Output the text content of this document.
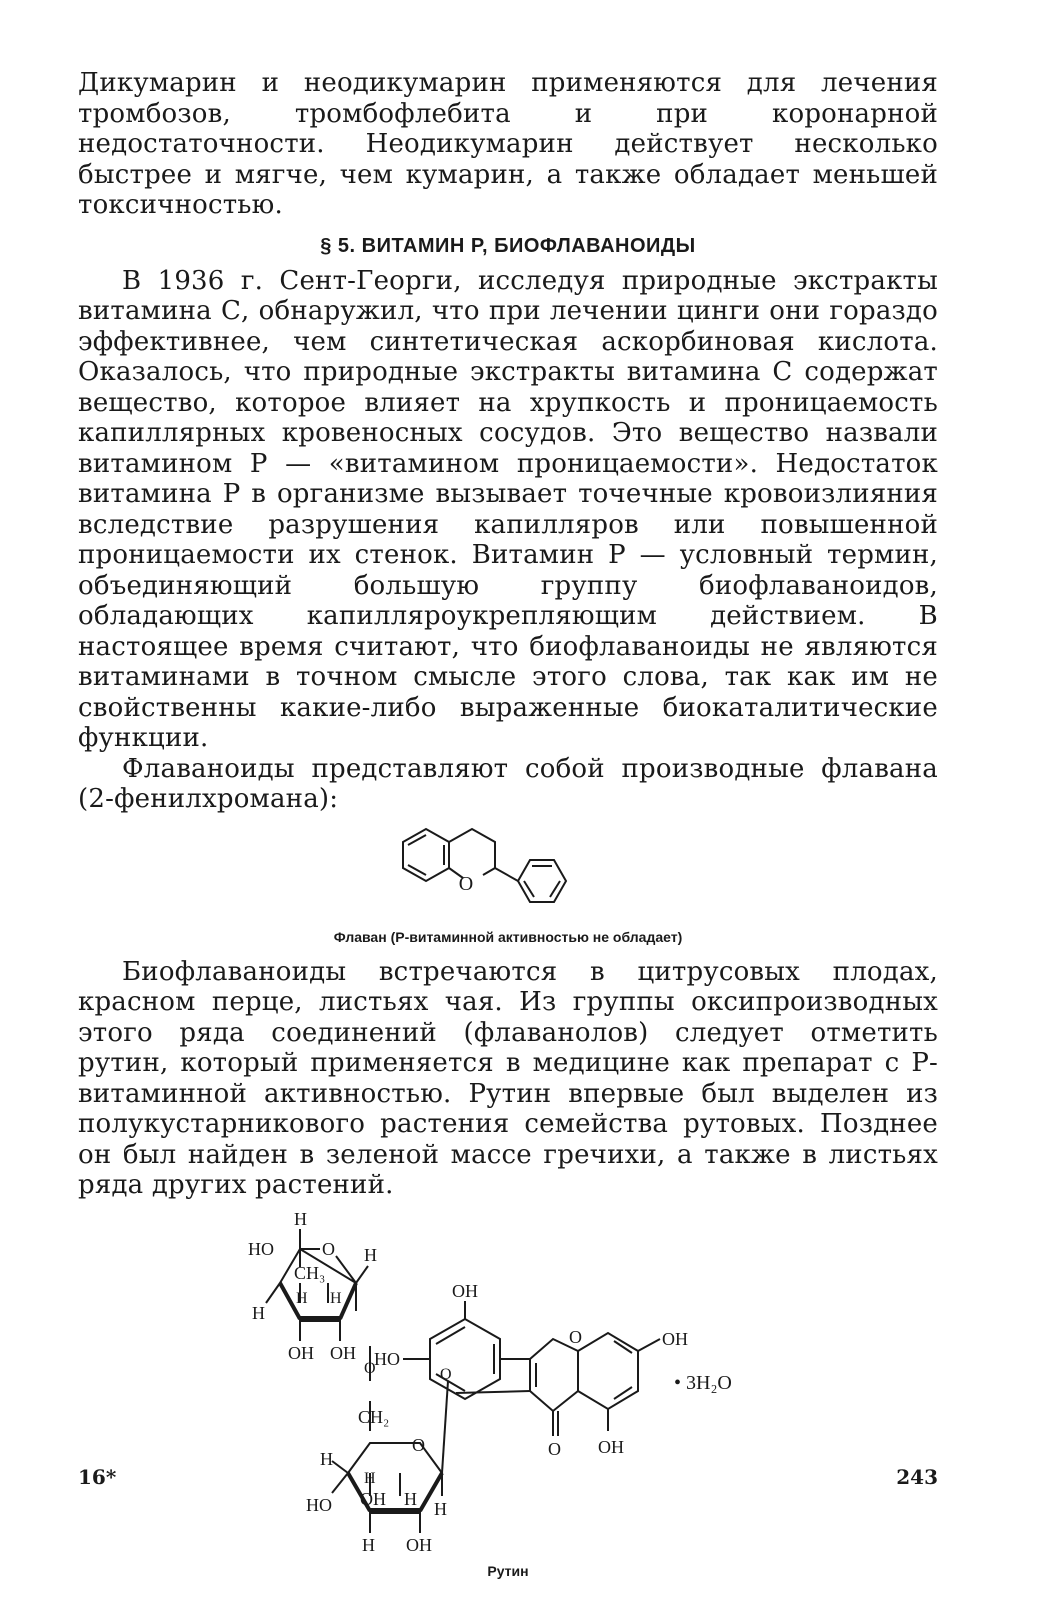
Дикумарин и неодикумарин применяются для лечения тромбозов, тромбофлебита и при коронарной недостаточности. Неодикумарин действует несколько быстрее и мягче, чем кумарин, а также обладает меньшей токсичностью.

§ 5. ВИТАМИН Р, БИОФЛАВАНОИДЫ

В 1936 г. Сент-Георги, исследуя природные экстракты витамина С, обнаружил, что при лечении цинги они гораздо эффективнее, чем синтетическая аскорбиновая кислота. Оказалось, что природные экстракты витамина С содержат вещество, которое влияет на хрупкость и проницаемость капиллярных кровеносных сосудов. Это вещество назвали витамином Р — «витамином проницаемости». Недостаток витамина Р в организме вызывает точечные кровоизлияния вследствие разрушения капилляров или повышенной проницаемости их стенок. Витамин Р — условный термин, объединяющий большую группу биофлаваноидов, обладающих капилляроукрепляющим действием. В настоящее время считают, что биофлаваноиды не являются витаминами в точном смысле этого слова, так как им не свойственны какие-либо выраженные биокаталитические функции.

Флаваноиды представляют собой производные флавана (2-фенилхромана):

O
Флаван (Р-витаминной активностью не обладает)

Биофлаваноиды встречаются в цитрусовых плодах, красном перце, листьях чая. Из группы оксипроизводных этого ряда соединений (флаванолов) следует отметить рутин, который применяется в медицине как препарат с Р-витаминной активностью. Рутин впервые был выделен из полукустарникового растения семейства рутовых. Позднее он был найден в зеленой массе гречихи, а также в листьях ряда других растений.

H
HO	O H
CH₃
H H
H
OH OH
O
CH₂
O
H
H
OH H
HO	H
H OH
O
OH
HO
O
O
OH
OH
• 3H₂O
Рутин
16*	243
